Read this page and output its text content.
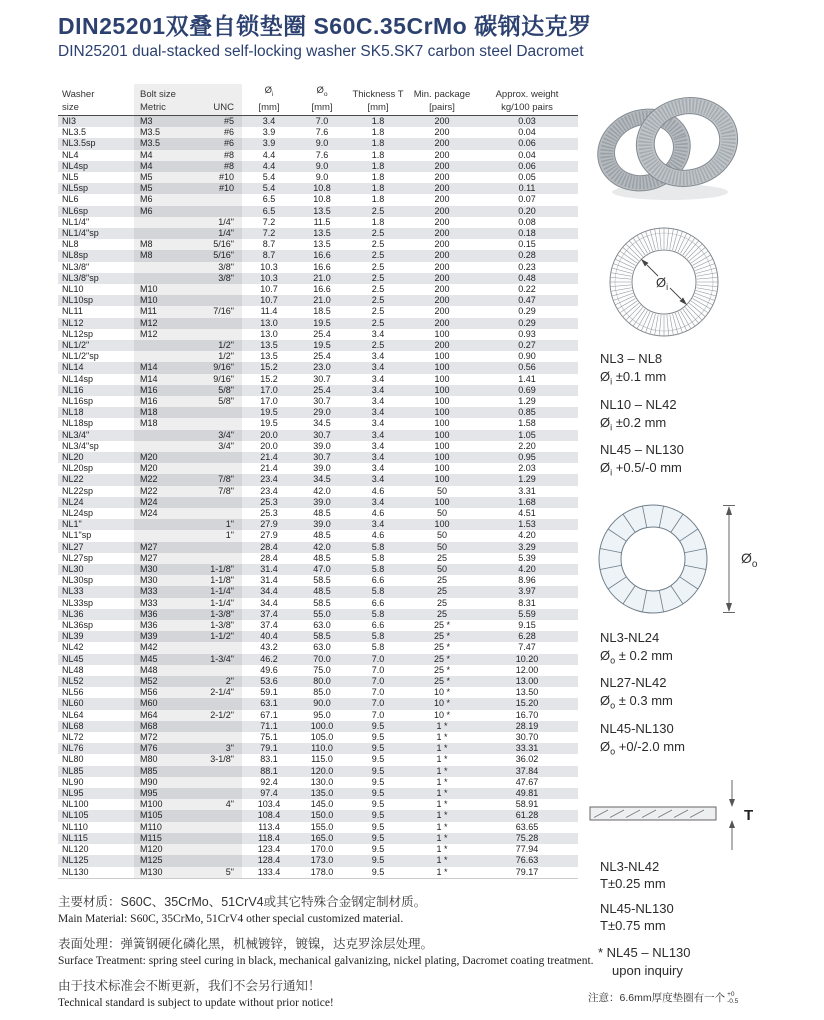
DIN25201双叠自锁垫圈 S60C.35CrMo 碳钢达克罗
DIN25201 dual-stacked self-locking washer SK5.SK7 carbon steel Dacromet
Washer	Bolt size		$Ø_i$	$Ø_o$	Thickness T	Min. package	Approx. weight
size	Metric	UNC	[mm]	[mm]	[mm]	[pairs]	kg/100 pairs
NI3	M3	#5	3.4	7.0	1.8	200	0.03
NL3.5	M3.5	#6	3.9	7.6	1.8	200	0.04
NL3.5sp	M3.5	#6	3.9	9.0	1.8	200	0.06
NL4	M4	#8	4.4	7.6	1.8	200	0.04
NL4sp	M4	#8	4.4	9.0	1.8	200	0.06
NL5	M5	#10	5.4	9.0	1.8	200	0.05
NL5sp	M5	#10	5.4	10.8	1.8	200	0.11
NL6	M6		6.5	10.8	1.8	200	0.07
NL6sp	M6		6.5	13.5	2.5	200	0.20
NL1/4"		1/4"	7.2	11.5	1.8	200	0.08
NL1/4"sp		1/4"	7.2	13.5	2.5	200	0.18
NL8	M8	5/16"	8.7	13.5	2.5	200	0.15
NL8sp	M8	5/16"	8.7	16.6	2.5	200	0.28
NL3/8"		3/8"	10.3	16.6	2.5	200	0.23
NL3/8"sp		3/8"	10.3	21.0	2.5	200	0.48
NL10	M10		10.7	16.6	2.5	200	0.22
NL10sp	M10		10.7	21.0	2.5	200	0.47
NL11	M11	7/16"	11.4	18.5	2.5	200	0.29
NL12	M12		13.0	19.5	2.5	200	0.29
NL12sp	M12		13.0	25.4	3.4	100	0.93
NL1/2"		1/2"	13.5	19.5	2.5	200	0.27
NL1/2"sp		1/2"	13.5	25.4	3.4	100	0.90
NL14	M14	9/16"	15.2	23.0	3.4	100	0.56
NL14sp	M14	9/16"	15.2	30.7	3.4	100	1.41
NL16	M16	5/8"	17.0	25.4	3.4	100	0.69
NL16sp	M16	5/8"	17.0	30.7	3.4	100	1.29
NL18	M18		19.5	29.0	3.4	100	0.85
NL18sp	M18		19.5	34.5	3.4	100	1.58
NL3/4"		3/4"	20.0	30.7	3.4	100	1.05
NL3/4"sp		3/4"	20.0	39.0	3.4	100	2.20
NL20	M20		21.4	30.7	3.4	100	0.95
NL20sp	M20		21.4	39.0	3.4	100	2.03
NL22	M22	7/8"	23.4	34.5	3.4	100	1.29
NL22sp	M22	7/8"	23.4	42.0	4.6	50	3.31
NL24	M24		25.3	39.0	3.4	100	1.68
NL24sp	M24		25.3	48.5	4.6	50	4.51
NL1"		1"	27.9	39.0	3.4	100	1.53
NL1"sp		1"	27.9	48.5	4.6	50	4.20
NL27	M27		28.4	42.0	5.8	50	3.29
NL27sp	M27		28.4	48.5	5.8	25	5.39
NL30	M30	1-1/8"	31.4	47.0	5.8	50	4.20
NL30sp	M30	1-1/8"	31.4	58.5	6.6	25	8.96
NL33	M33	1-1/4"	34.4	48.5	5.8	25	3.97
NL33sp	M33	1-1/4"	34.4	58.5	6.6	25	8.31
NL36	M36	1-3/8"	37.4	55.0	5.8	25	5.59
NL36sp	M36	1-3/8"	37.4	63.0	6.6	25 *	9.15
NL39	M39	1-1/2"	40.4	58.5	5.8	25 *	6.28
NL42	M42		43.2	63.0	5.8	25 *	7.47
NL45	M45	1-3/4"	46.2	70.0	7.0	25 *	10.20
NL48	M48		49.6	75.0	7.0	25 *	12.00
NL52	M52	2"	53.6	80.0	7.0	25 *	13.00
NL56	M56	2-1/4"	59.1	85.0	7.0	10 *	13.50
NL60	M60		63.1	90.0	7.0	10 *	15.20
NL64	M64	2-1/2"	67.1	95.0	7.0	10 *	16.70
NL68	M68		71.1	100.0	9.5	1 *	28.19
NL72	M72		75.1	105.0	9.5	1 *	30.70
NL76	M76	3"	79.1	110.0	9.5	1 *	33.31
NL80	M80	3-1/8"	83.1	115.0	9.5	1 *	36.02
NL85	M85		88.1	120.0	9.5	1 *	37.84
NL90	M90		92.4	130.0	9.5	1 *	47.67
NL95	M95		97.4	135.0	9.5	1 *	49.81
NL100	M100	4"	103.4	145.0	9.5	1 *	58.91
NL105	M105		108.4	150.0	9.5	1 *	61.28
NL110	M110		113.4	155.0	9.5	1 *	63.65
NL115	M115		118.4	165.0	9.5	1 *	75.28
NL120	M120		123.4	170.0	9.5	1 *	77.94
NL125	M125		128.4	173.0	9.5	1 *	76.63
NL130	M130	5"	133.4	178.0	9.5	1 *	79.17
$Ø_i$
NL3 – NL8
$Ø_i \pm 0.1$ mm
NL10 – NL42
$Ø_i \pm 0.2$ mm
NL45 – NL130
$Ø_i +0.5/-0$ mm
$Ø_o$
NL3-NL24
$Ø_o \pm 0.2$ mm
NL27-NL42
$Ø_o \pm 0.3$ mm
NL45-NL130
$Ø_o +0/-2.0$ mm
T
NL3-NL42
T±0.25 mm
NL45-NL130
T±0.75 mm
* NL45 – NL130
upon inquiry
注意：6.6mm厚度垫圈有一个 +0
-0.5
主要材质：S60C、35CrMo、51CrV4或其它特殊合金钢定制材质。
Main Material: S60C, 35CrMo, 51CrV4 other special customized material.
表面处理：弹簧钢硬化磷化黑，机械镀锌，镀镍，达克罗涂层处理。
Surface Treatment: spring steel curing in black, mechanical galvanizing, nickel plating, Dacromet coating treatment.
由于技术标准会不断更新，我们不会另行通知！
Technical standard is subject to update without prior notice!
